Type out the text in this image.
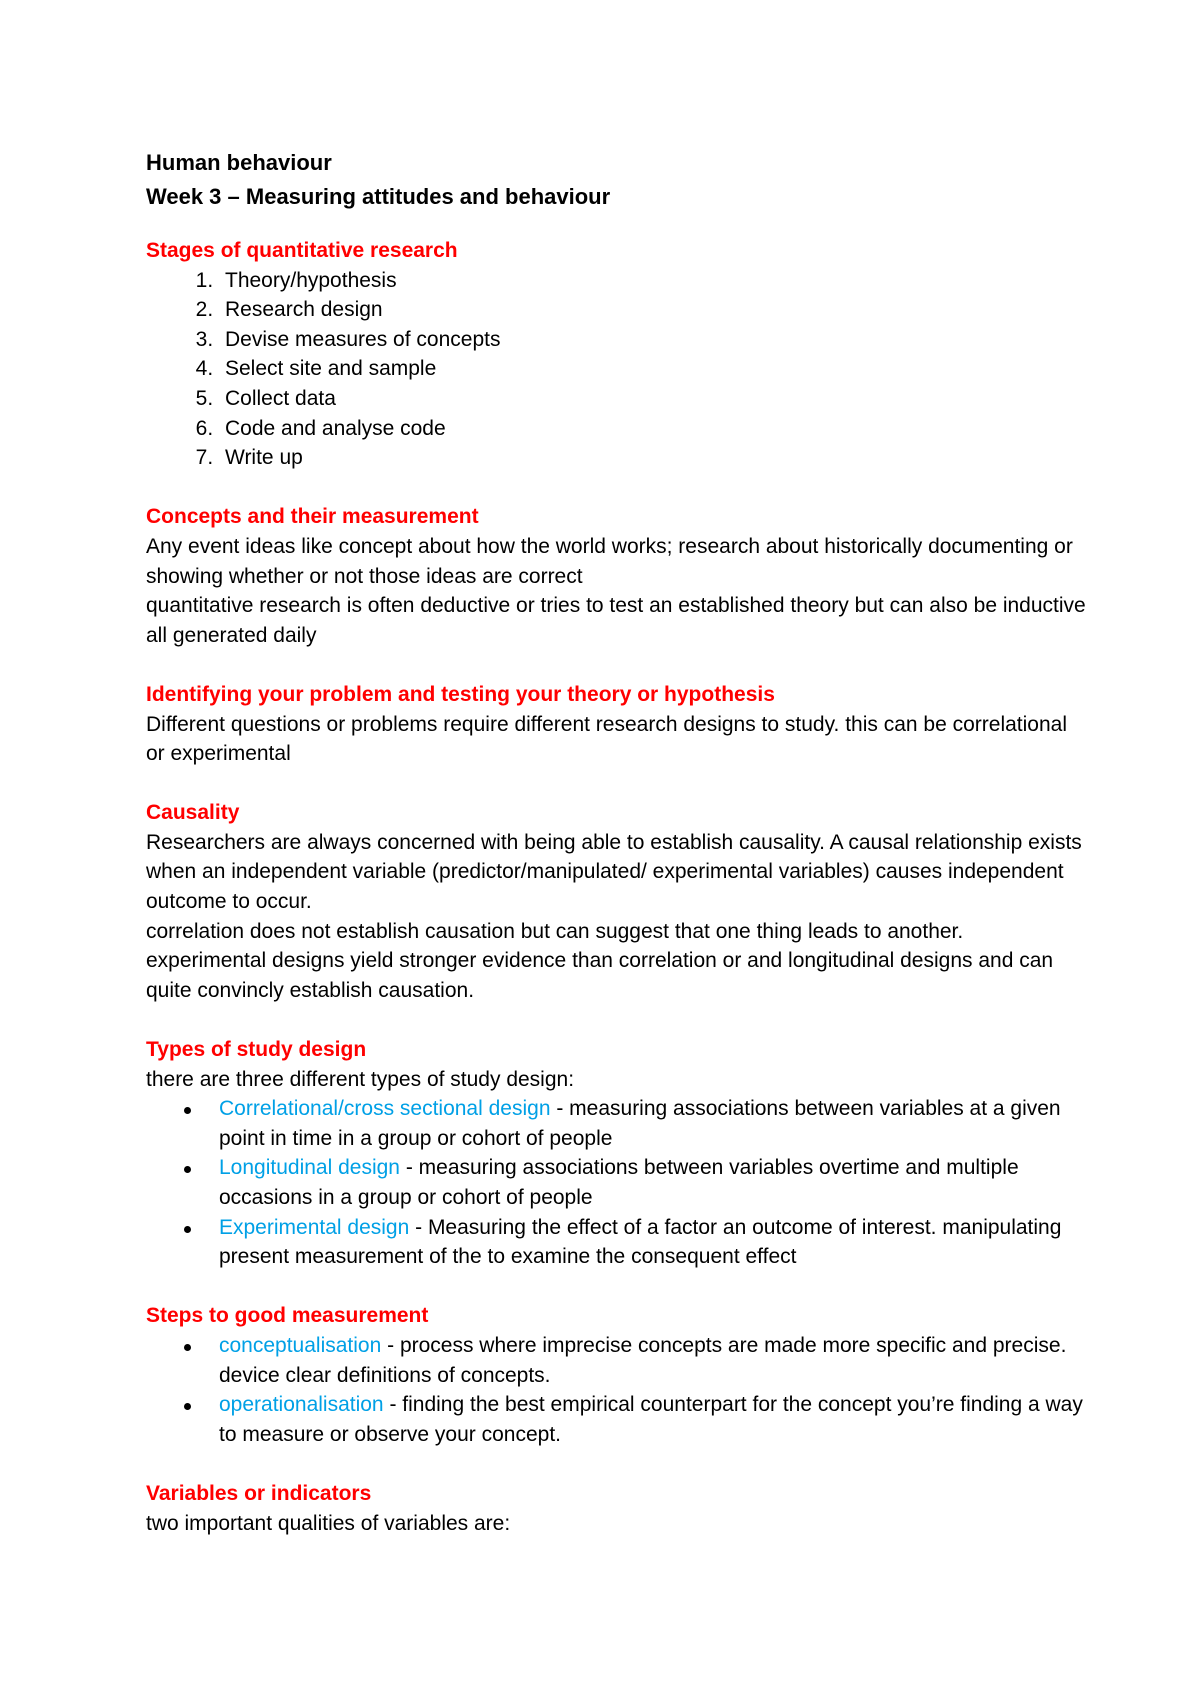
Human behaviour
Week 3 – Measuring attitudes and behaviour
Stages of quantitative research
1. Theory/hypothesis
2. Research design
3. Devise measures of concepts
4. Select site and sample
5. Collect data
6. Code and analyse code
7. Write up
Concepts and their measurement
Any event ideas like concept about how the world works; research about historically documenting or showing whether or not those ideas are correct
quantitative research is often deductive or tries to test an established theory but can also be inductive all generated daily
Identifying your problem and testing your theory or hypothesis
Different questions or problems require different research designs to study. this can be correlational or experimental
Causality
Researchers are always concerned with being able to establish causality. A causal relationship exists when an independent variable (predictor/manipulated/ experimental variables) causes independent outcome to occur.
correlation does not establish causation but can suggest that one thing leads to another. experimental designs yield stronger evidence than correlation or and longitudinal designs and can quite convincly establish causation.
Types of study design
there are three different types of study design:
Correlational/cross sectional design - measuring associations between variables at a given point in time in a group or cohort of people
Longitudinal design - measuring associations between variables overtime and multiple occasions in a group or cohort of people
Experimental design - Measuring the effect of a factor an outcome of interest. manipulating present measurement of the to examine the consequent effect
Steps to good measurement
conceptualisation - process where imprecise concepts are made more specific and precise. device clear definitions of concepts.
operationalisation - finding the best empirical counterpart for the concept you’re finding a way to measure or observe your concept.
Variables or indicators
two important qualities of variables are:
